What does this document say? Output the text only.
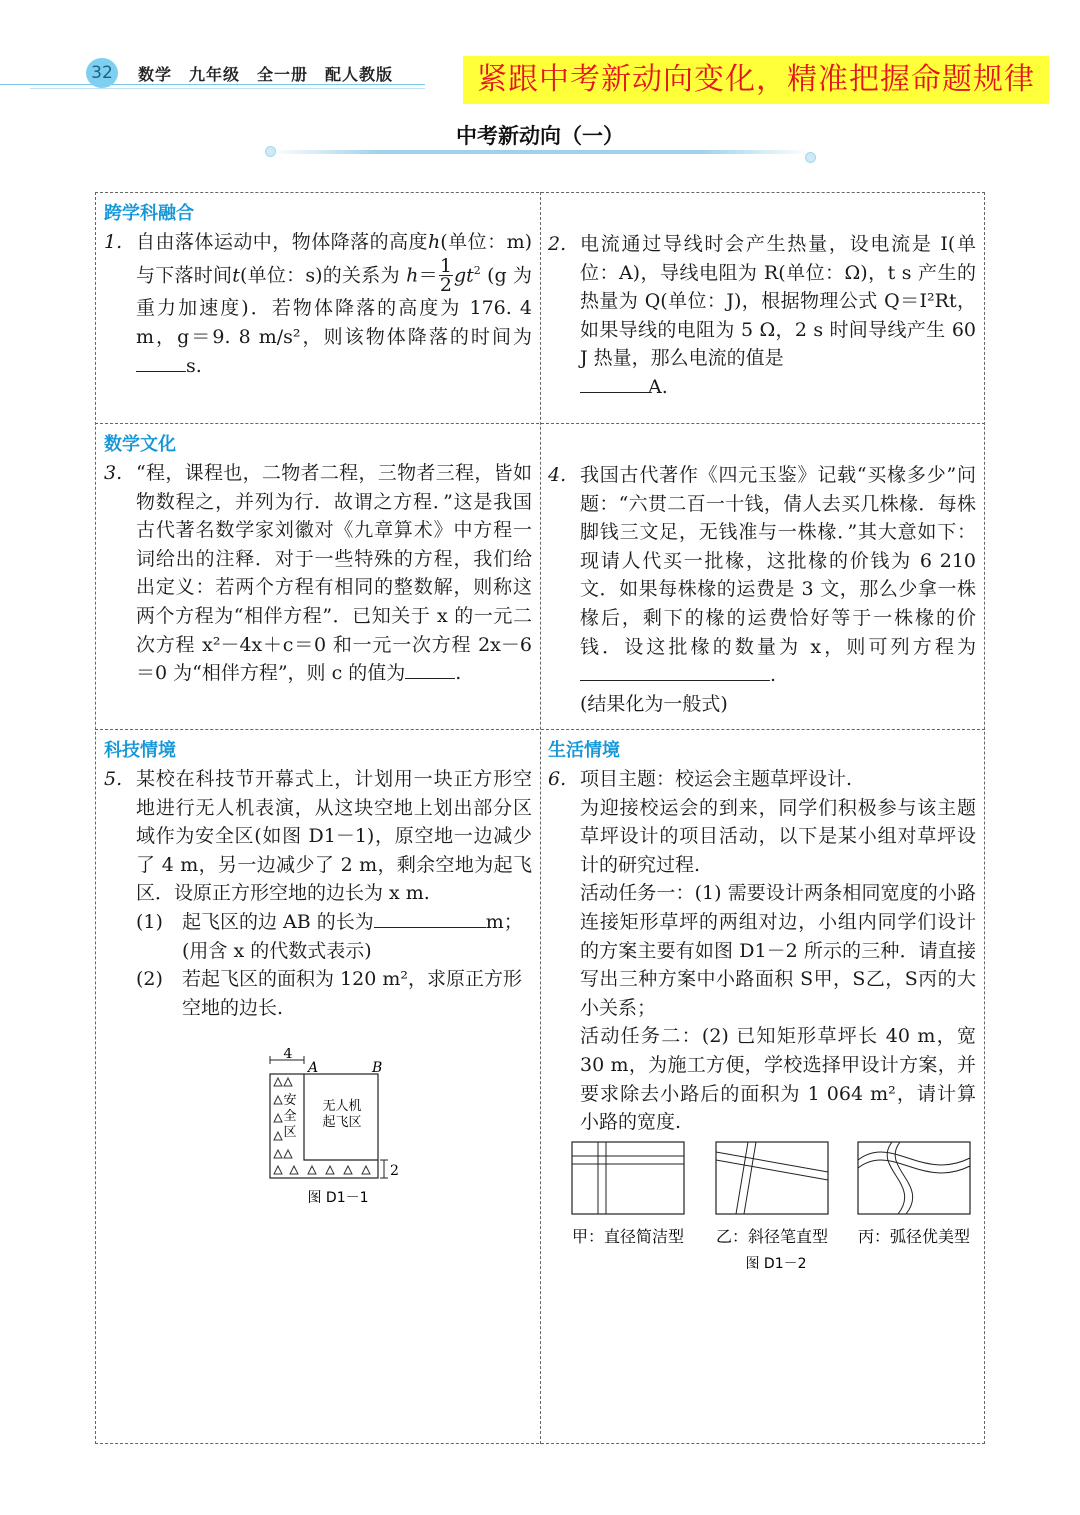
32	数学　九年级　全一册　配人教版	紧跟中考新动向变化，精准把握命题规律
中考新动向（一）
跨学科融合
1. 自由落体运动中，物体降落的高度h(单位：m)与下落时间t(单位：s)的关系为 $h= \frac{1}{2} gt^2$ (g 为重力加速度)．若物体降落的高度为 176. 4 m，g＝9. 8 m/s²，则该物体降落的时间为s.
2. 电流通过导线时会产生热量，设电流是 I(单位：A)，导线电阻为 R(单位：Ω)，t s 产生的热量为 Q(单位：J)，根据物理公式 Q＝I²Rt，如果导线的电阻为 5 Ω，2 s 时间导线产生 60 J 热量，那么电流的值是
A.
数学文化
3. “程，课程也，二物者二程，三物者三程，皆如物数程之，并列为行．故谓之方程．”这是我国古代著名数学家刘徽对《九章算术》中方程一词给出的注释．对于一些特殊的方程，我们给出定义：若两个方程有相同的整数解，则称这两个方程为“相伴方程”．已知关于 x 的一元二次方程 x²－4x＋c＝0 和一元一次方程 2x－6＝0 为“相伴方程”，则 c 的值为	.
4. 我国古代著作《四元玉鉴》记载“买椽多少”问题：“六贯二百一十钱，倩人去买几株椽．每株脚钱三文足，无钱准与一株椽．”其大意如下：现请人代买一批椽，这批椽的价钱为 6 210 文．如果每株椽的运费是 3 文，那么少拿一株椽后，剩下的椽的运费恰好等于一株椽的价钱．设这批椽的数量为 x，则可列方程为.
(结果化为一般式)
科技情境
5. 某校在科技节开幕式上，计划用一块正方形空地进行无人机表演，从这块空地上划出部分区域作为安全区(如图 D1－1)，原空地一边减少了 4 m，另一边减少了 2 m，剩余空地为起飞区．设原正方形空地的边长为 x m.
(1) 起飞区的边 AB 的长为	m；
(用含 x 的代数式表示)
(2) 若起飞区的面积为 120 m²，求原正方形空地的边长.
4
A	B
安
全
区
无人机
起飞区
2
图 D1－1
生活情境
6. 项目主题：校运会主题草坪设计.
为迎接校运会的到来，同学们积极参与该主题草坪设计的项目活动，以下是某小组对草坪设计的研究过程.
活动任务一：(1) 需要设计两条相同宽度的小路连接矩形草坪的两组对边，小组内同学们设计的方案主要有如图 D1－2 所示的三种．请直接写出三种方案中小路面积 S甲，S乙，S丙的大小关系；
活动任务二：(2) 已知矩形草坪长 40 m，宽 30 m，为施工方便，学校选择甲设计方案，并要求除去小路后的面积为 1 064 m²，请计算小路的宽度.
甲：直径简洁型 乙：斜径笔直型 丙：弧径优美型
图 D1－2
